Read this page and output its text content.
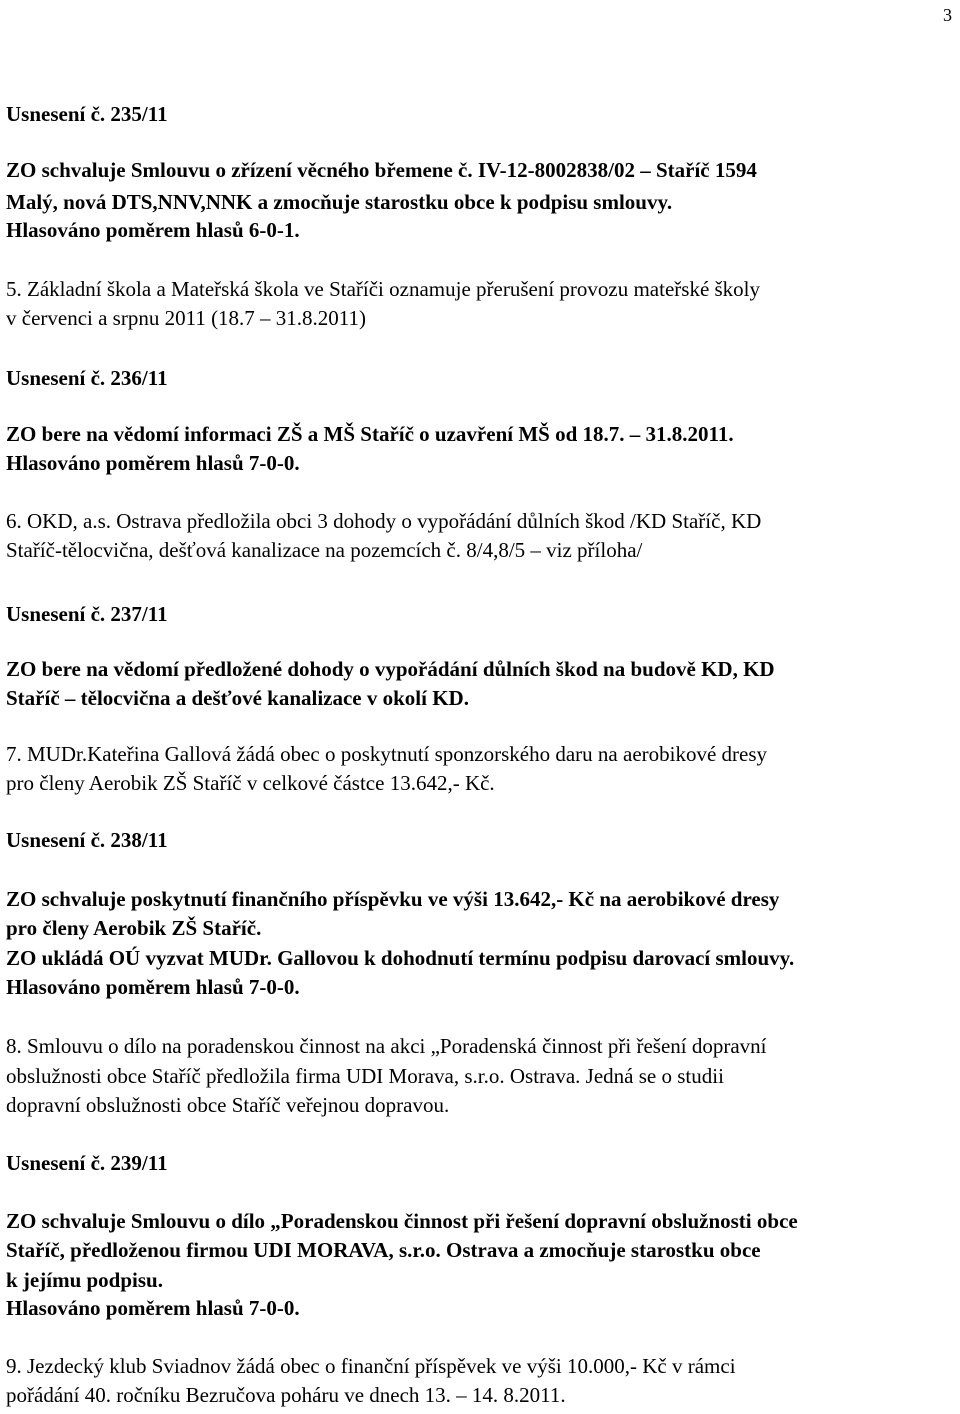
3
Usnesení č. 235/11
ZO schvaluje Smlouvu o zřízení věcného břemene č. IV-12-8002838/02 – Staříč 1594
Malý, nová DTS,NNV,NNK a zmocňuje starostku obce k podpisu smlouvy.
Hlasováno poměrem hlasů 6-0-1.
5. Základní škola a Mateřská škola ve Staříči oznamuje přerušení provozu mateřské školy
v červenci a srpnu 2011 (18.7 – 31.8.2011)
Usnesení č. 236/11
ZO bere na vědomí informaci ZŠ a MŠ Staříč o uzavření MŠ od 18.7. – 31.8.2011.
Hlasováno poměrem hlasů 7-0-0.
6. OKD, a.s. Ostrava předložila obci 3 dohody o vypořádání důlních škod /KD Staříč, KD
Staříč-tělocvična, dešťová kanalizace na pozemcích č. 8/4,8/5 – viz příloha/
Usnesení č. 237/11
ZO bere na vědomí předložené dohody o vypořádání důlních škod na budově KD, KD
Staříč – tělocvična a dešťové kanalizace v okolí KD.
7. MUDr.Kateřina Gallová žádá obec o poskytnutí sponzorského daru na aerobikové dresy
pro členy Aerobik ZŠ Staříč v celkové částce 13.642,- Kč.
Usnesení č. 238/11
ZO schvaluje poskytnutí finančního příspěvku ve výši 13.642,- Kč na aerobikové dresy
pro členy Aerobik ZŠ Staříč.
ZO ukládá OÚ vyzvat MUDr. Gallovou k dohodnutí termínu podpisu darovací smlouvy.
Hlasováno poměrem hlasů 7-0-0.
8. Smlouvu o dílo na poradenskou činnost na akci „Poradenská činnost při řešení dopravní
obslužnosti obce Staříč předložila firma UDI Morava, s.r.o. Ostrava. Jedná se o studii
dopravní obslužnosti obce Staříč veřejnou dopravou.
Usnesení č. 239/11
ZO schvaluje Smlouvu o dílo „Poradenskou činnost při řešení dopravní obslužnosti obce
Staříč, předloženou firmou UDI MORAVA, s.r.o. Ostrava a zmocňuje starostku obce
k jejímu podpisu.
Hlasováno poměrem hlasů 7-0-0.
9. Jezdecký klub Sviadnov žádá obec o finanční příspěvek ve výši 10.000,- Kč v rámci
pořádání 40. ročníku Bezručova poháru ve dnech 13. – 14. 8.2011.
